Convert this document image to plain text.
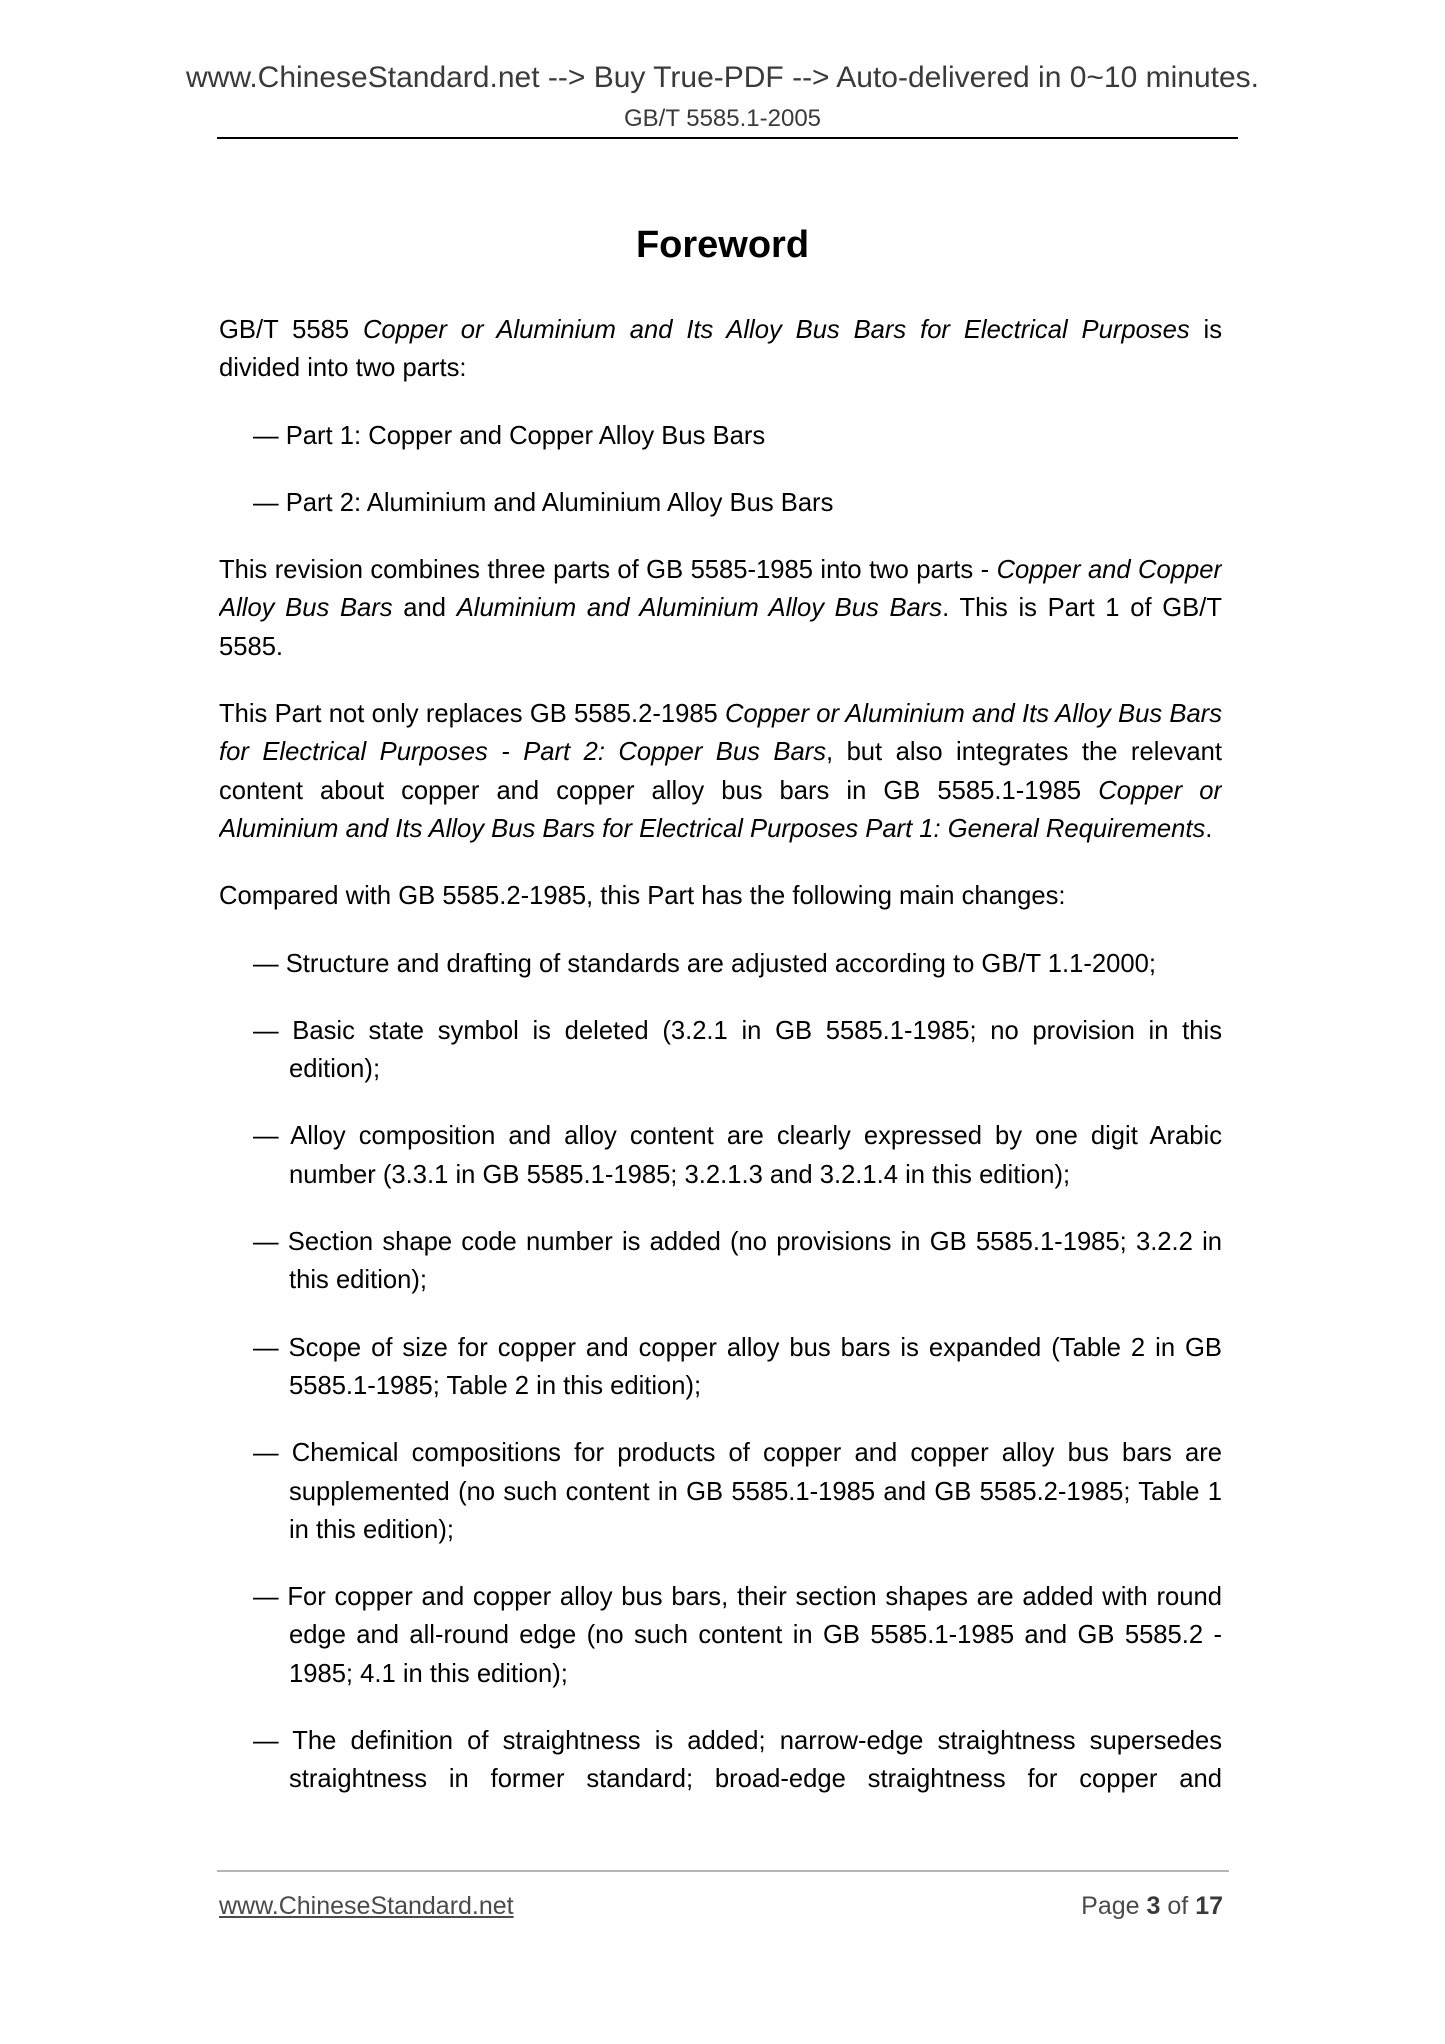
www.ChineseStandard.net --> Buy True-PDF --> Auto-delivered in 0~10 minutes.
GB/T 5585.1-2005
Foreword

GB/T 5585 Copper or Aluminium and Its Alloy Bus Bars for Electrical Purposes is divided into two parts:

— Part 1: Copper and Copper Alloy Bus Bars

— Part 2: Aluminium and Aluminium Alloy Bus Bars

This revision combines three parts of GB 5585-1985 into two parts - Copper and Copper Alloy Bus Bars and Aluminium and Aluminium Alloy Bus Bars. This is Part 1 of GB/T 5585.

This Part not only replaces GB 5585.2-1985 Copper or Aluminium and Its Alloy Bus Bars for Electrical Purposes - Part 2: Copper Bus Bars, but also integrates the relevant content about copper and copper alloy bus bars in GB 5585.1-1985 Copper or Aluminium and Its Alloy Bus Bars for Electrical Purposes Part 1: General Requirements.

Compared with GB 5585.2-1985, this Part has the following main changes:

— Structure and drafting of standards are adjusted according to GB/T 1.1-2000;

— Basic state symbol is deleted (3.2.1 in GB 5585.1-1985; no provision in this edition);

— Alloy composition and alloy content are clearly expressed by one digit Arabic number (3.3.1 in GB 5585.1-1985; 3.2.1.3 and 3.2.1.4 in this edition);

— Section shape code number is added (no provisions in GB 5585.1-1985; 3.2.2 in this edition);

— Scope of size for copper and copper alloy bus bars is expanded (Table 2 in GB 5585.1-1985; Table 2 in this edition);

— Chemical compositions for products of copper and copper alloy bus bars are supplemented (no such content in GB 5585.1-1985 and GB 5585.2-1985; Table 1 in this edition);

— For copper and copper alloy bus bars, their section shapes are added with round edge and all-round edge (no such content in GB 5585.1-1985 and GB 5585.2 - 1985; 4.1 in this edition);

— The definition of straightness is added; narrow-edge straightness supersedes straightness in former standard; broad-edge straightness for copper and

www.ChineseStandard.net	Page 3 of 17
